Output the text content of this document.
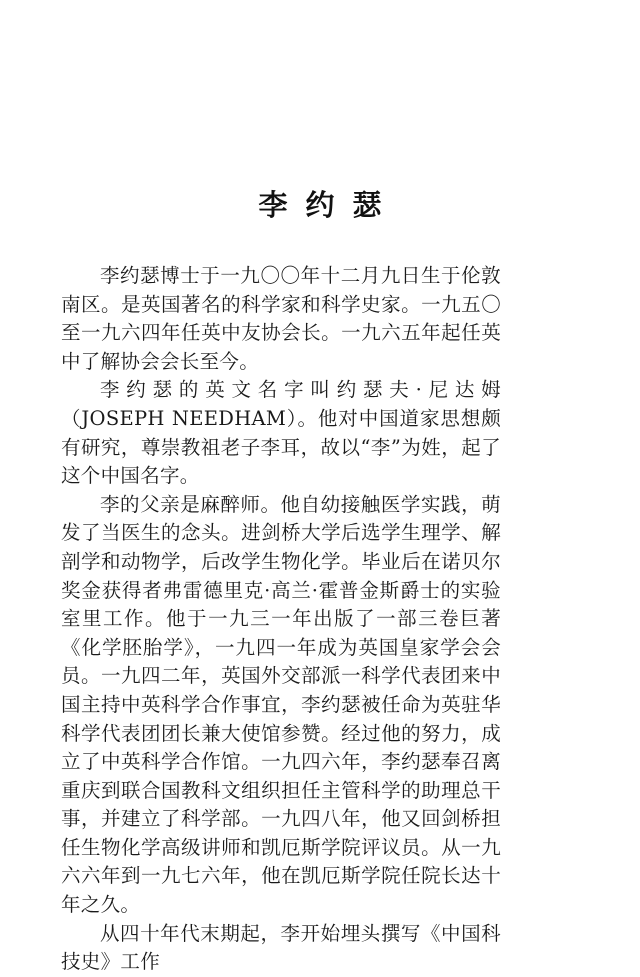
李约瑟

李约瑟博士于一九〇〇年十二月九日生于伦敦南区。是英国著名的科学家和科学史家。一九五〇至一九六四年任英中友协会长。一九六五年起任英中了解协会会长至今。

李约瑟的英文名字叫约瑟夫·尼达姆（JOSEPH NEEDHAM）。他对中国道家思想颇有研究，尊崇教祖老子李耳，故以“李”为姓，起了这个中国名字。

李的父亲是麻醉师。他自幼接触医学实践，萌发了当医生的念头。进剑桥大学后选学生理学、解剖学和动物学，后改学生物化学。毕业后在诺贝尔奖金获得者弗雷德里克·高兰·霍普金斯爵士的实验室里工作。他于一九三一年出版了一部三卷巨著《化学胚胎学》，一九四一年成为英国皇家学会会员。一九四二年，英国外交部派一科学代表团来中国主持中英科学合作事宜，李约瑟被任命为英驻华科学代表团团长兼大使馆参赞。经过他的努力，成立了中英科学合作馆。一九四六年，李约瑟奉召离重庆到联合国教科文组织担任主管科学的助理总干事，并建立了科学部。一九四八年，他又回剑桥担任生物化学高级讲师和凯厄斯学院评议员。从一九六六年到一九七六年，他在凯厄斯学院任院长达十年之久。

从四十年代末期起，李开始埋头撰写《中国科技史》工作
